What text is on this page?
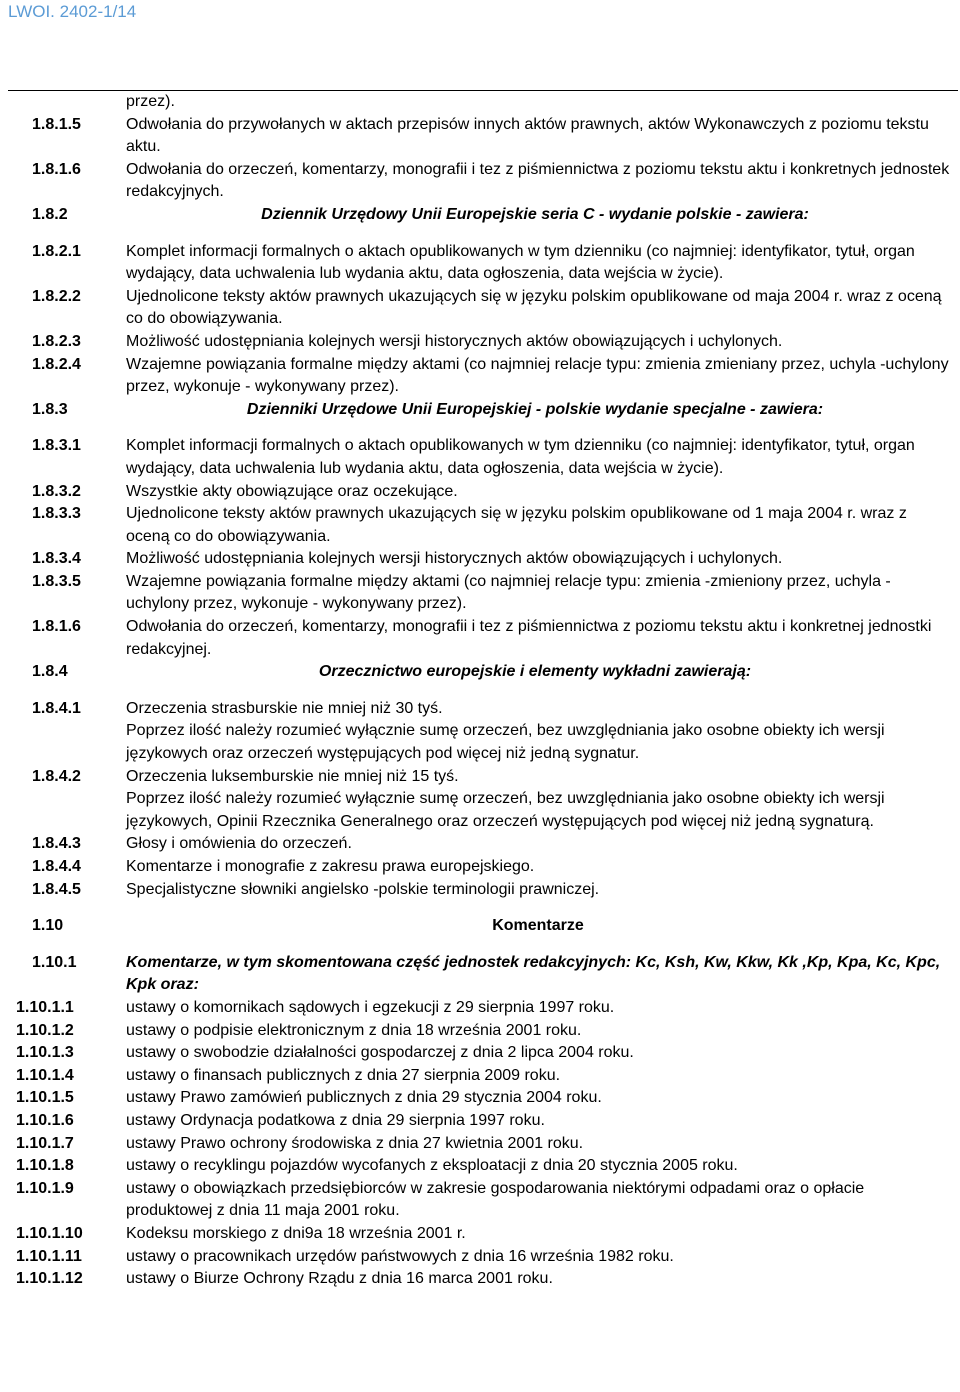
LWOI. 2402-1/14
przez).
1.8.1.5	Odwołania do przywołanych w aktach przepisów innych aktów prawnych, aktów Wykonawczych z poziomu tekstu aktu.
1.8.1.6	Odwołania do orzeczeń, komentarzy, monografii i tez z piśmiennictwa z poziomu tekstu aktu i konkretnych jednostek redakcyjnych.
1.8.2	Dziennik Urzędowy Unii Europejskie seria C - wydanie polskie - zawiera:
1.8.2.1	Komplet informacji formalnych o aktach opublikowanych w tym dzienniku (co najmniej: identyfikator, tytuł, organ wydający, data uchwalenia lub wydania aktu, data ogłoszenia, data wejścia w życie).
1.8.2.2	Ujednolicone teksty aktów prawnych ukazujących się w języku polskim opublikowane od maja 2004 r. wraz z oceną co do obowiązywania.
1.8.2.3	Możliwość udostępniania kolejnych wersji historycznych aktów obowiązujących i uchylonych.
1.8.2.4	Wzajemne powiązania formalne między aktami (co najmniej relacje typu: zmienia zmieniany przez, uchyla -uchylony przez, wykonuje - wykonywany przez).
1.8.3	Dzienniki Urzędowe Unii Europejskiej - polskie wydanie specjalne - zawiera:
1.8.3.1	Komplet informacji formalnych o aktach opublikowanych w tym dzienniku (co najmniej: identyfikator, tytuł, organ wydający, data uchwalenia lub wydania aktu, data ogłoszenia, data wejścia w życie).
1.8.3.2	Wszystkie akty obowiązujące oraz oczekujące.
1.8.3.3	Ujednolicone teksty aktów prawnych ukazujących się w języku polskim opublikowane od 1 maja 2004 r. wraz z oceną co do obowiązywania.
1.8.3.4	Możliwość udostępniania kolejnych wersji historycznych aktów obowiązujących i uchylonych.
1.8.3.5	Wzajemne powiązania formalne między aktami (co najmniej relacje typu: zmienia -zmieniony przez, uchyla - uchylony przez, wykonuje - wykonywany przez).
1.8.1.6	Odwołania do orzeczeń, komentarzy, monografii i tez z piśmiennictwa z poziomu tekstu aktu i konkretnej jednostki redakcyjnej.
1.8.4	Orzecznictwo europejskie i elementy wykładni zawierają:
1.8.4.1	Orzeczenia strasburskie nie mniej niż 30 tyś.
Poprzez ilość należy rozumieć wyłącznie sumę orzeczeń, bez uwzględniania jako osobne obiekty ich wersji językowych oraz orzeczeń występujących pod więcej niż jedną sygnatur.
1.8.4.2	Orzeczenia luksemburskie nie mniej niż 15 tyś.
Poprzez ilość należy rozumieć wyłącznie sumę orzeczeń, bez uwzględniania jako osobne obiekty ich wersji językowych, Opinii Rzecznika Generalnego oraz orzeczeń występujących pod więcej niż jedną sygnaturą.
1.8.4.3	Głosy i omówienia do orzeczeń.
1.8.4.4	Komentarze i monografie z zakresu prawa europejskiego.
1.8.4.5	Specjalistyczne słowniki angielsko -polskie terminologii prawniczej.
1.10	Komentarze
1.10.1	Komentarze, w tym skomentowana część jednostek redakcyjnych: Kc, Ksh, Kw, Kkw, Kk ,Kp, Kpa, Kc, Kpc, Kpk oraz:
1.10.1.1	ustawy o komornikach sądowych i egzekucji z 29 sierpnia 1997 roku.
1.10.1.2	ustawy o podpisie elektronicznym z dnia 18 września 2001 roku.
1.10.1.3	ustawy o swobodzie działalności gospodarczej z dnia 2 lipca 2004 roku.
1.10.1.4	ustawy o finansach publicznych z dnia 27 sierpnia 2009 roku.
1.10.1.5	ustawy Prawo zamówień publicznych z dnia 29 stycznia 2004 roku.
1.10.1.6	ustawy Ordynacja podatkowa z dnia 29 sierpnia 1997 roku.
1.10.1.7	ustawy Prawo ochrony środowiska z dnia 27 kwietnia 2001 roku.
1.10.1.8	ustawy o recyklingu pojazdów wycofanych z eksploatacji z dnia 20 stycznia 2005 roku.
1.10.1.9	ustawy o obowiązkach przedsiębiorców w zakresie gospodarowania niektórymi odpadami oraz o opłacie produktowej z dnia 11 maja 2001 roku.
1.10.1.10	Kodeksu morskiego z dni9a 18 września 2001 r.
1.10.1.11	ustawy o pracownikach urzędów państwowych z dnia 16 września 1982 roku.
1.10.1.12	ustawy o Biurze Ochrony Rządu z dnia 16 marca 2001 roku.
